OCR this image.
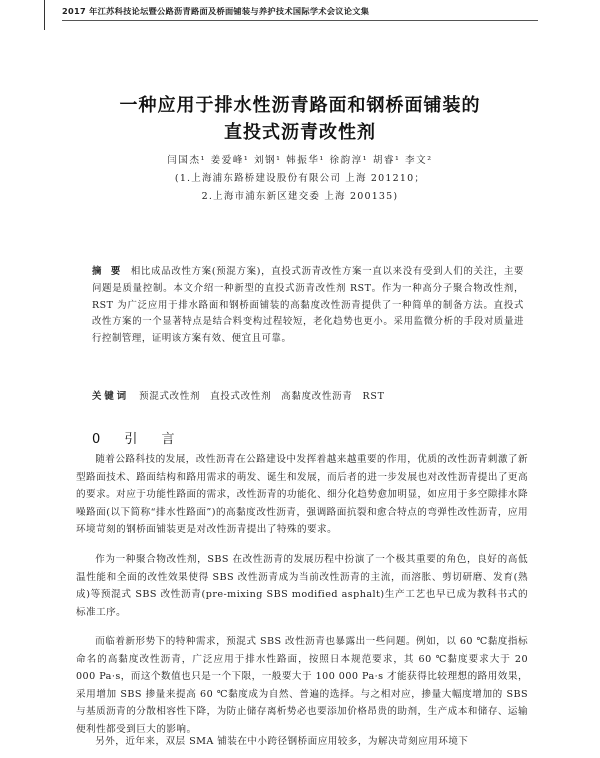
2017 年江苏科技论坛暨公路沥青路面及桥面铺装与养护技术国际学术会议论文集
一种应用于排水性沥青路面和钢桥面铺装的
直投式沥青改性剂
闫国杰¹ 姜爱峰¹ 刘钢¹ 韩振华¹ 徐韵淳¹ 胡睿¹ 李文²
(1.上海浦东路桥建设股份有限公司 上海 201210；
2.上海市浦东新区建交委 上海 200135)

摘 要 相比成品改性方案(预混方案)，直投式沥青改性方案一直以来没有受到人们的关注，主要问题是质量控制。本文介绍一种新型的直投式沥青改性剂 RST。作为一种高分子聚合物改性剂，RST 为广泛应用于排水路面和钢桥面铺装的高黏度改性沥青提供了一种简单的制备方法。直投式改性方案的一个显著特点是结合料变构过程较短，老化趋势也更小。采用监微分析的手段对质量进行控制管理，证明该方案有效、便宜且可靠。

关键词 预混式改性剂 直投式改性剂 高黏度改性沥青 RST
0 引 言

随着公路科技的发展，改性沥青在公路建设中发挥着越来越重要的作用，优质的改性沥青刺激了新型路面技术、路面结构和路用需求的萌发、诞生和发展，而后者的进一步发展也对改性沥青提出了更高的要求。对应于功能性路面的需求，改性沥青的功能化、细分化趋势愈加明显，如应用于多空隙排水降噪路面(以下简称“排水性路面”)的高黏度改性沥青，强调路面抗裂和愈合特点的弯弹性改性沥青，应用环境苛刻的钢桥面铺装更是对改性沥青提出了特殊的要求。

作为一种聚合物改性剂，SBS 在改性沥青的发展历程中扮演了一个极其重要的角色，良好的高低温性能和全面的改性效果使得 SBS 改性沥青成为当前改性沥青的主流，而溶胀、剪切研磨、发育(熟成)等预混式 SBS 改性沥青(pre-mixing SBS modified asphalt)生产工艺也早已成为教科书式的标准工序。

而临着新形势下的特种需求，预混式 SBS 改性沥青也暴露出一些问题。例如，以 60 ℃黏度指标命名的高黏度改性沥青，广泛应用于排水性路面，按照日本规范要求，其 60 ℃黏度要求大于 20 000 Pa·s，而这个数值也只是一个下限，一般要大于 100 000 Pa·s 才能获得比较理想的路用效果，采用增加 SBS 掺量来提高 60 ℃黏度成为自然、普遍的选择。与之相对应，掺量大幅度增加的 SBS 与基质沥青的分散相容性下降，为防止储存离析势必也要添加价格昂贵的助剂，生产成本和储存、运输便利性都受到巨大的影响。

另外，近年来，双层 SMA 铺装在中小跨径钢桥面应用较多，为解决苛刻应用环境下
